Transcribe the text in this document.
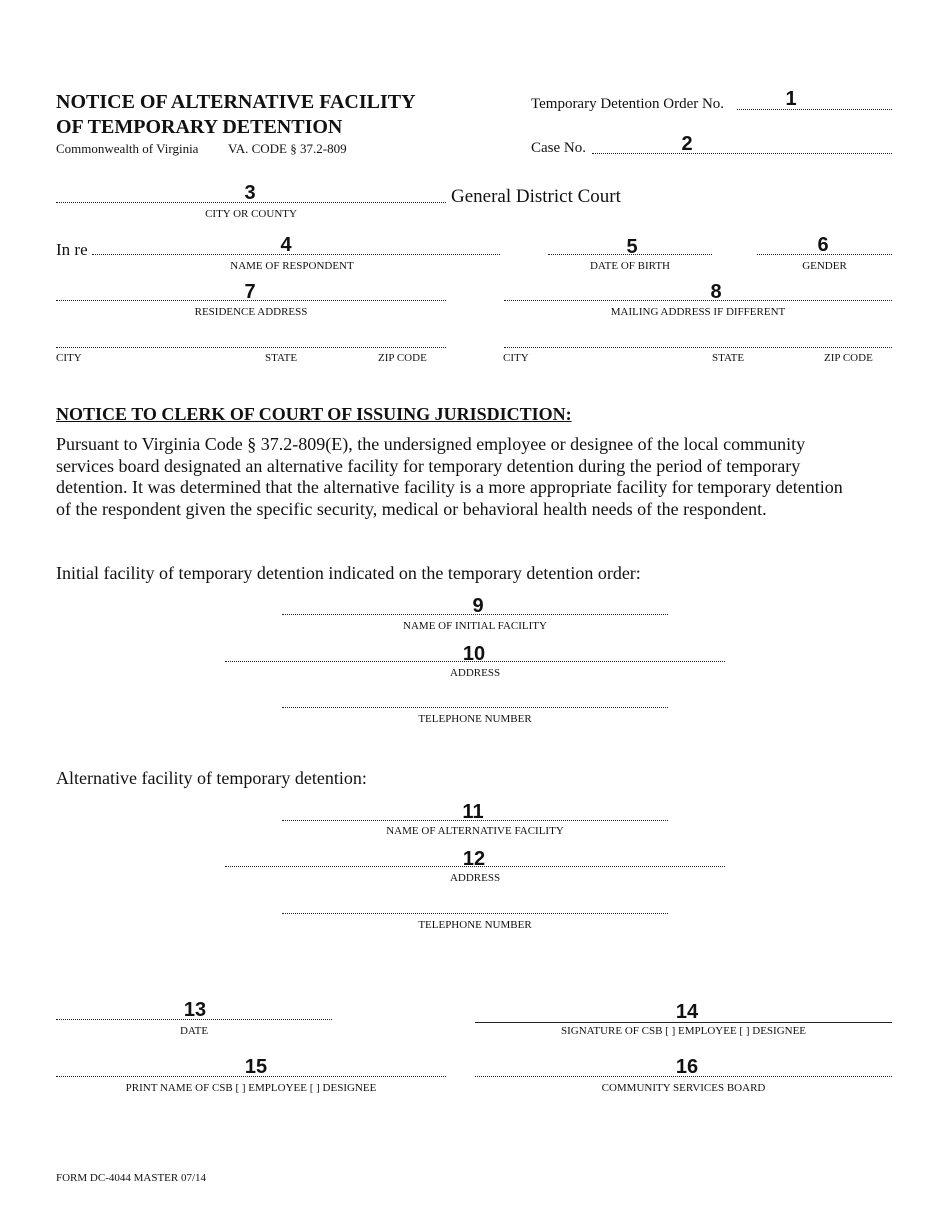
NOTICE OF ALTERNATIVE FACILITY
OF TEMPORARY DETENTION
Commonwealth of Virginia VA. CODE § 37.2-809
Temporary Detention Order No.	1
Case No.	2
3	General District Court
CITY OR COUNTY
In re	4
NAME OF RESPONDENT
5
DATE OF BIRTH
6
GENDER
7
RESIDENCE ADDRESS
8
MAILING ADDRESS IF DIFFERENT
CITY	STATE	ZIP CODE	CITY	STATE	ZIP CODE
NOTICE TO CLERK OF COURT OF ISSUING JURISDICTION:
Pursuant to Virginia Code § 37.2-809(E), the undersigned employee or designee of the local community
services board designated an alternative facility for temporary detention during the period of temporary
detention. It was determined that the alternative facility is a more appropriate facility for temporary detention
of the respondent given the specific security, medical or behavioral health needs of the respondent.
Initial facility of temporary detention indicated on the temporary detention order:
9
NAME OF INITIAL FACILITY
10
ADDRESS
TELEPHONE NUMBER
Alternative facility of temporary detention:
11
NAME OF ALTERNATIVE FACILITY
12
ADDRESS
TELEPHONE NUMBER
13
DATE
14
SIGNATURE OF CSB [ ] EMPLOYEE [ ] DESIGNEE
15
PRINT NAME OF CSB [ ] EMPLOYEE [ ] DESIGNEE
16
COMMUNITY SERVICES BOARD
FORM DC-4044 MASTER 07/14
